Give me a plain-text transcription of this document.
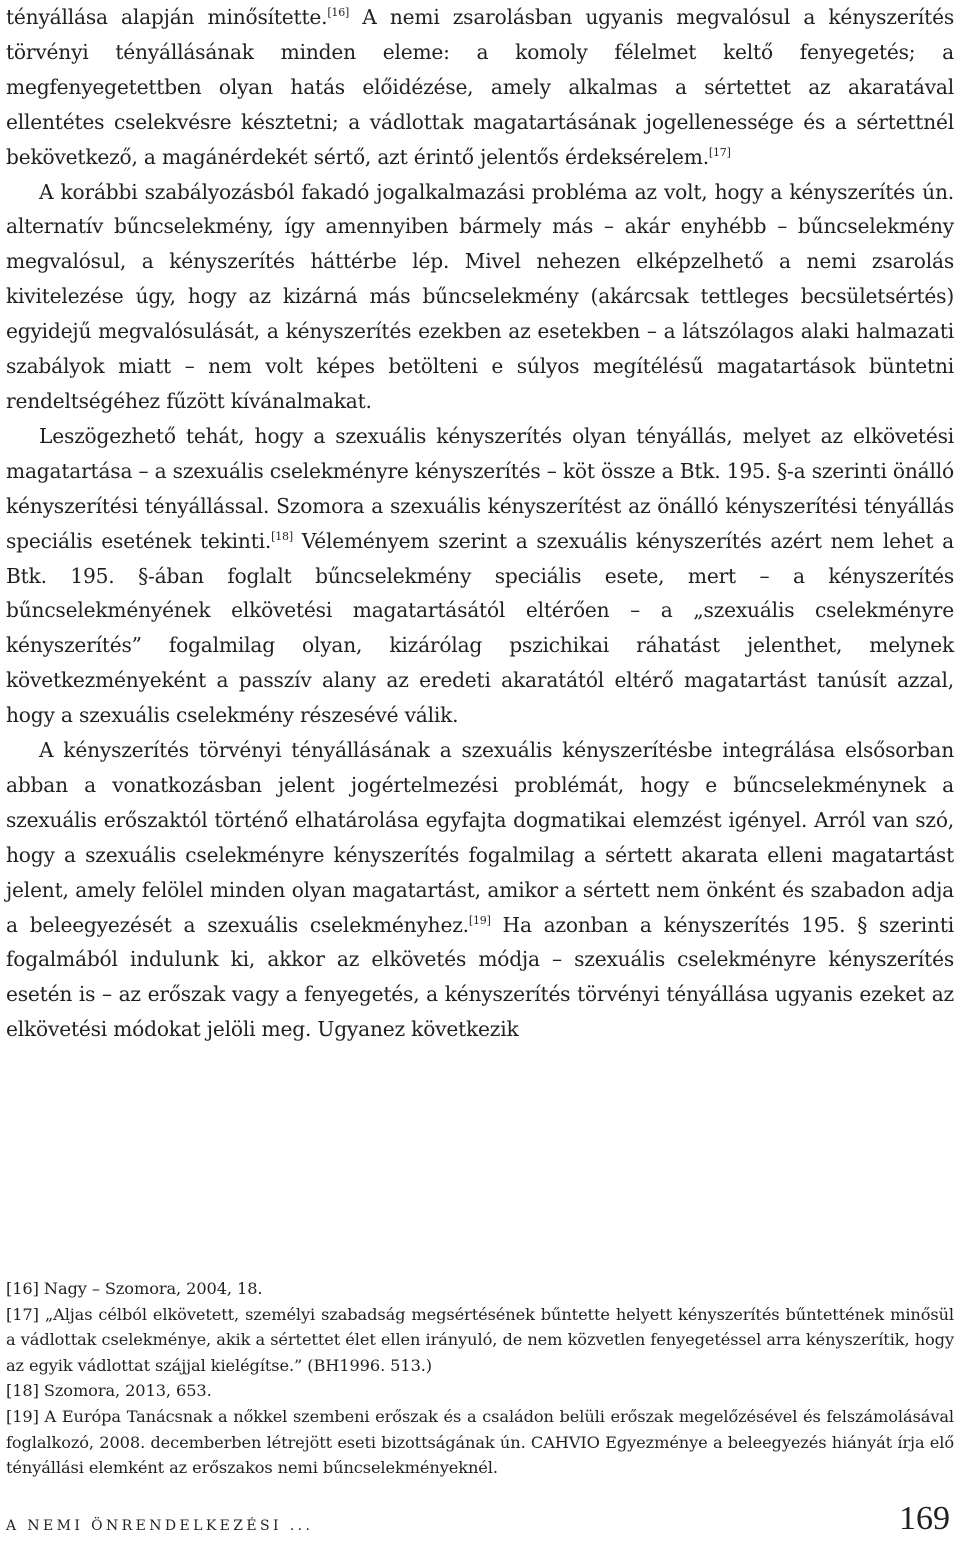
tényállása alapján minősítette.[16] A nemi zsarolásban ugyanis megvalósul a kényszerítés törvényi tényállásának minden eleme: a komoly félelmet keltő fenyegetés; a megfenyegetettben olyan hatás előidézése, amely alkalmas a sértettet az akaratával ellentétes cselekvésre késztetni; a vádlottak magatartásának jogellenessége és a sértettnél bekövetkező, a magánérdekét sértő, azt érintő jelentős érdeksérelem.[17]

A korábbi szabályozásból fakadó jogalkalmazási probléma az volt, hogy a kényszerítés ún. alternatív bűncselekmény, így amennyiben bármely más – akár enyhébb – bűncselekmény megvalósul, a kényszerítés háttérbe lép. Mivel nehezen elképzelhető a nemi zsarolás kivitelezése úgy, hogy az kizárná más bűncselekmény (akárcsak tettleges becsületsértés) egyidejű megvalósulását, a kényszerítés ezekben az esetekben – a látszólagos alaki halmazati szabályok miatt – nem volt képes betölteni e súlyos megítélésű magatartások büntetni rendeltségéhez fűzött kívánalmakat.

Leszögezhető tehát, hogy a szexuális kényszerítés olyan tényállás, melyet az elkövetési magatartása – a szexuális cselekményre kényszerítés – köt össze a Btk. 195. §-a szerinti önálló kényszerítési tényállással. Szomora a szexuális kényszerítést az önálló kényszerítési tényállás speciális esetének tekinti.[18] Véleményem szerint a szexuális kényszerítés azért nem lehet a Btk. 195. §-ában foglalt bűncselekmény speciális esete, mert – a kényszerítés bűncselekményének elkövetési magatartásától eltérően – a „szexuális cselekményre kényszerítés” fogalmilag olyan, kizárólag pszichikai ráhatást jelenthet, melynek következményeként a passzív alany az eredeti akaratától eltérő magatartást tanúsít azzal, hogy a szexuális cselekmény részesévé válik.

A kényszerítés törvényi tényállásának a szexuális kényszerítésbe integrálása elsősorban abban a vonatkozásban jelent jogértelmezési problémát, hogy e bűncselekménynek a szexuális erőszaktól történő elhatárolása egyfajta dogmatikai elemzést igényel. Arról van szó, hogy a szexuális cselekményre kényszerítés fogalmilag a sértett akarata elleni magatartást jelent, amely felölel minden olyan magatartást, amikor a sértett nem önként és szabadon adja a beleegyezését a szexuális cselekményhez.[19] Ha azonban a kényszerítés 195. § szerinti fogalmából indulunk ki, akkor az elkövetés módja – szexuális cselekményre kényszerítés esetén is – az erőszak vagy a fenyegetés, a kényszerítés törvényi tényállása ugyanis ezeket az elkövetési módokat jelöli meg. Ugyanez következik

[16] Nagy – Szomora, 2004, 18.

[17] „Aljas célból elkövetett, személyi szabadság megsértésének bűntette helyett kényszerítés bűntettének minősül a vádlottak cselekménye, akik a sértettet élet ellen irányuló, de nem közvetlen fenyegetéssel arra kényszerítik, hogy az egyik vádlottat szájjal kielégítse.” (BH1996. 513.)

[18] Szomora, 2013, 653.

[19] A Európa Tanácsnak a nőkkel szembeni erőszak és a családon belüli erőszak megelőzésével és felszámolásával foglalkozó, 2008. decemberben létrejött eseti bizottságának ún. CAHVIO Egyezménye a beleegyezés hiányát írja elő tényállási elemként az erőszakos nemi bűncselekményeknél.

A NEMI ÖNRENDELKEZÉSI ...	169
